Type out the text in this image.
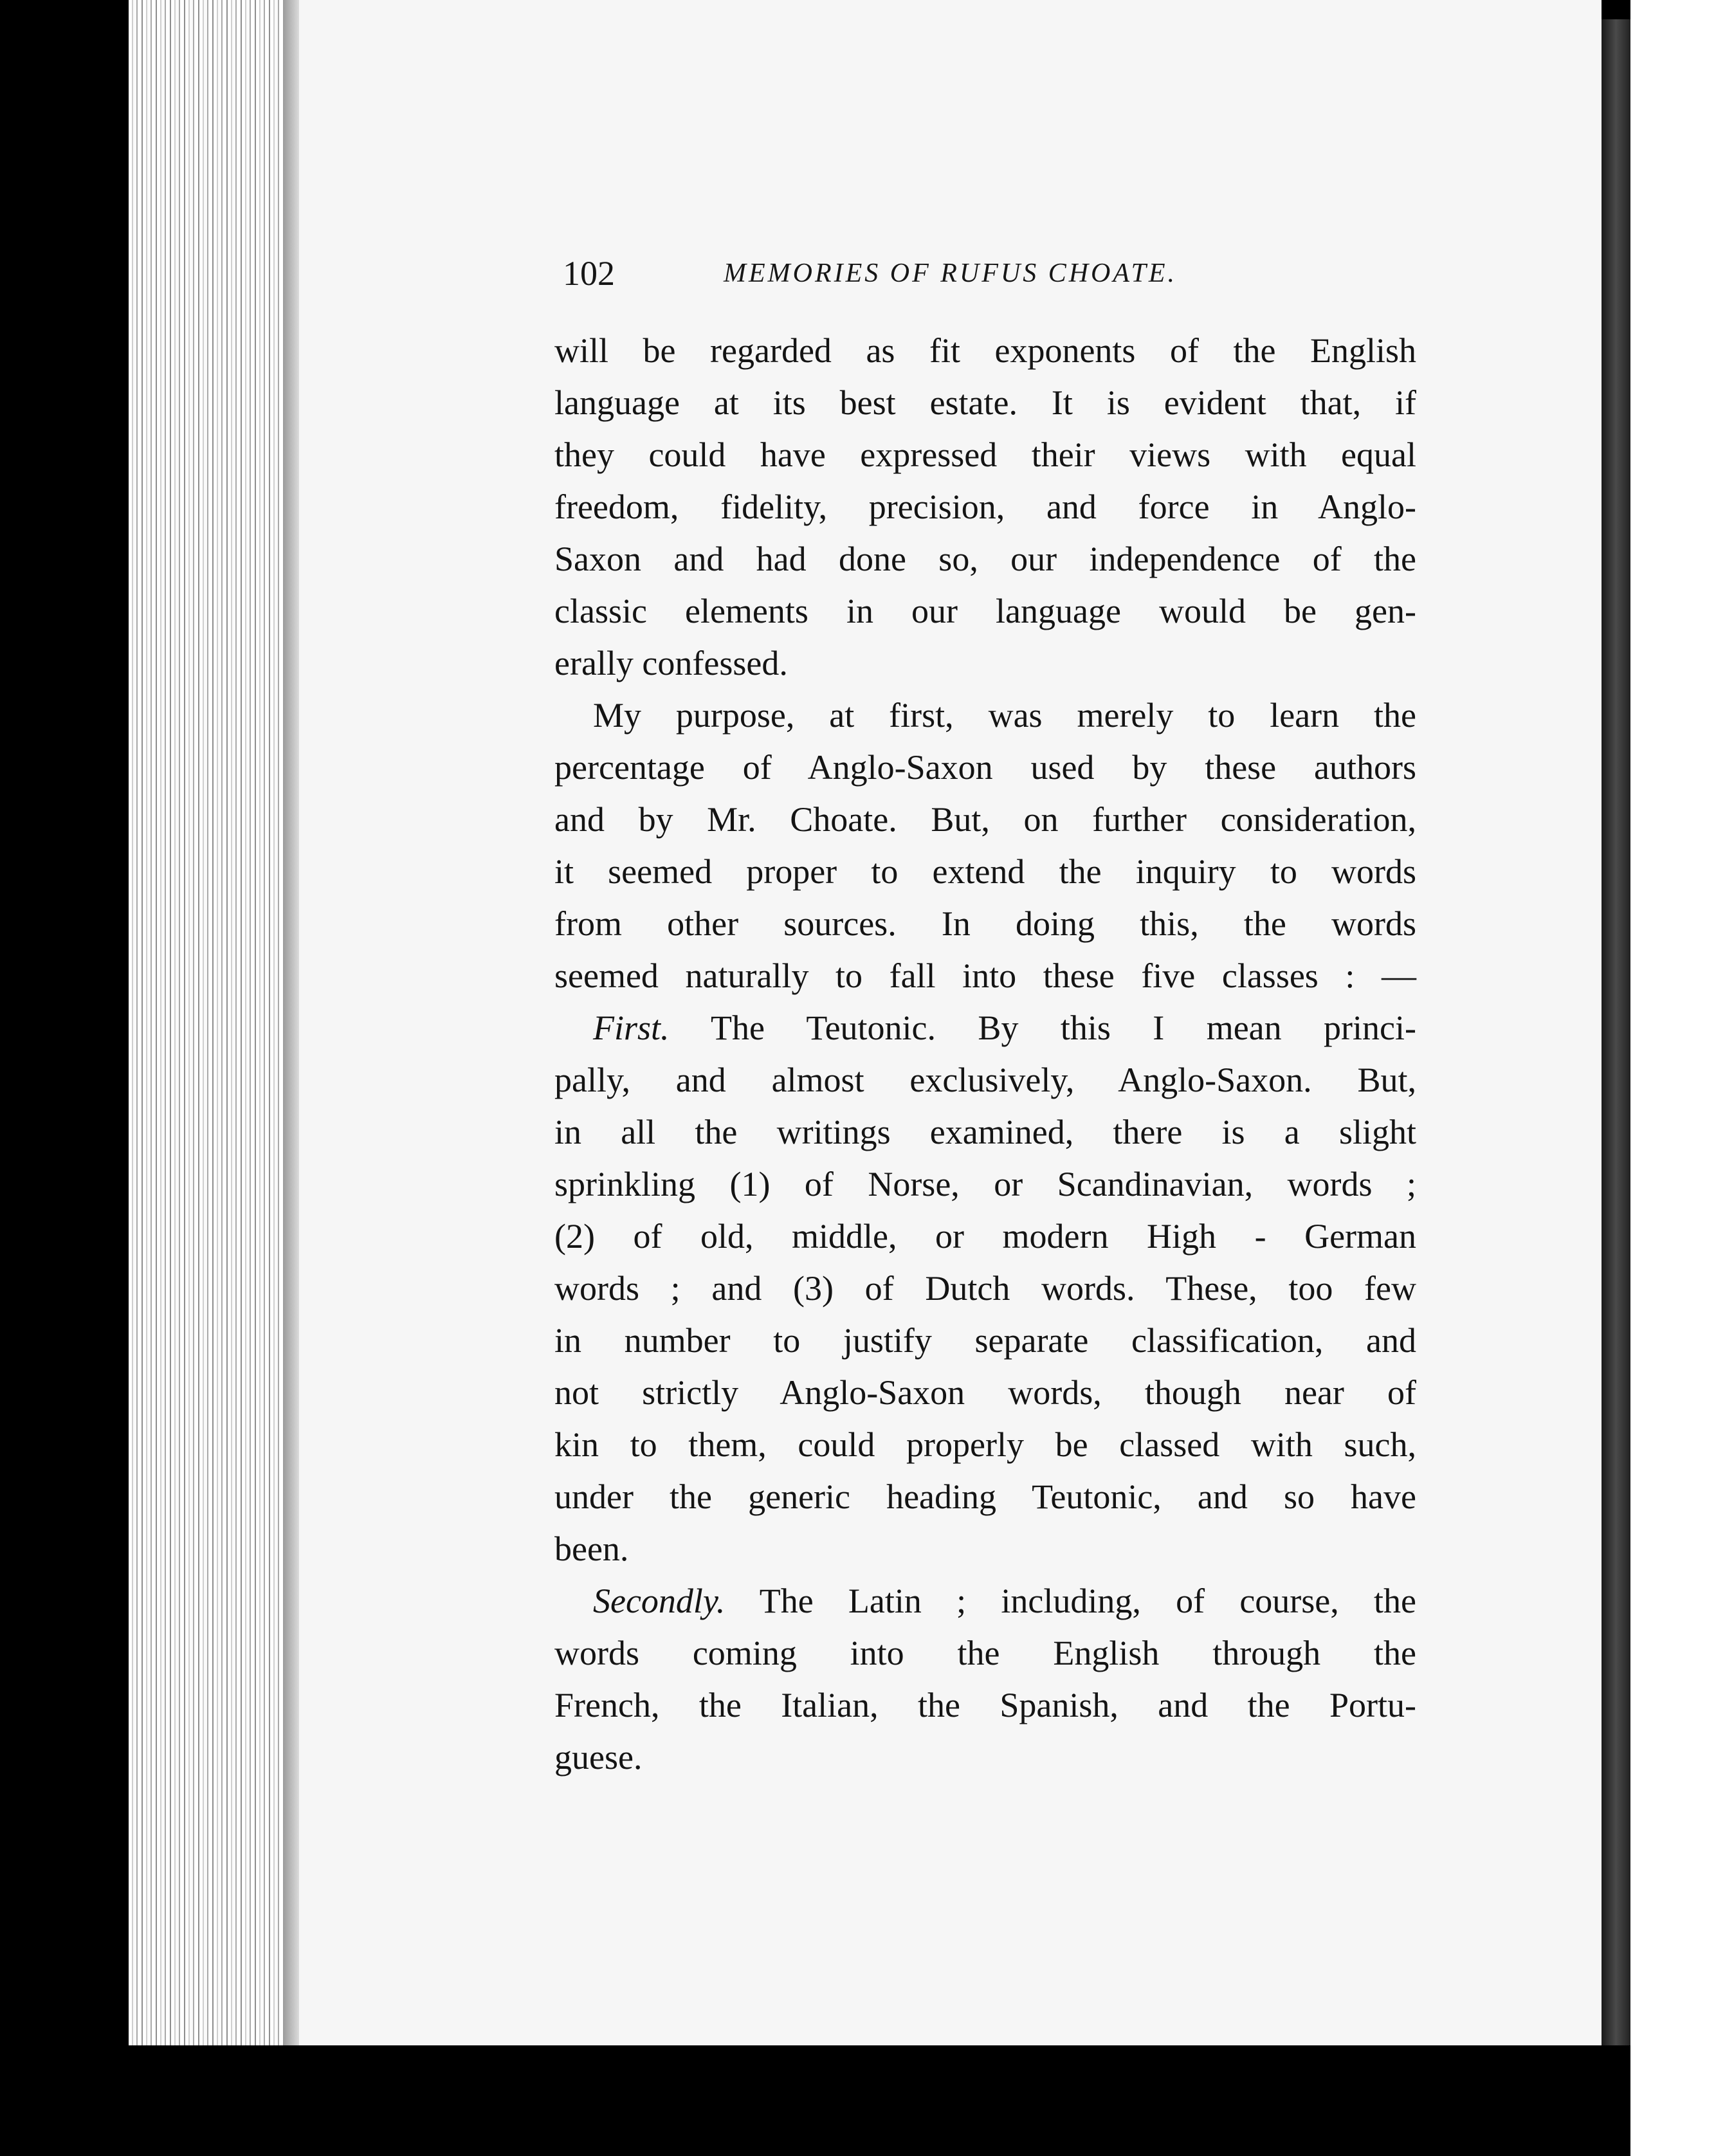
102	MEMORIES OF RUFUS CHOATE.
will be regarded as fit exponents of the English
language at its best estate. It is evident that, if
they could have expressed their views with equal
freedom, fidelity, precision, and force in Anglo-
Saxon and had done so, our independence of the
classic elements in our language would be gen-
erally confessed.
My purpose, at first, was merely to learn the
percentage of Anglo-Saxon used by these authors
and by Mr. Choate. But, on further consideration,
it seemed proper to extend the inquiry to words
from other sources. In doing this, the words
seemed naturally to fall into these five classes : —
First. The Teutonic. By this I mean princi-
pally, and almost exclusively, Anglo-Saxon. But,
in all the writings examined, there is a slight
sprinkling (1) of Norse, or Scandinavian, words ;
(2) of old, middle, or modern High - German
words ; and (3) of Dutch words. These, too few
in number to justify separate classification, and
not strictly Anglo-Saxon words, though near of
kin to them, could properly be classed with such,
under the generic heading Teutonic, and so have
been.
Secondly. The Latin ; including, of course, the
words coming into the English through the
French, the Italian, the Spanish, and the Portu-
guese.
